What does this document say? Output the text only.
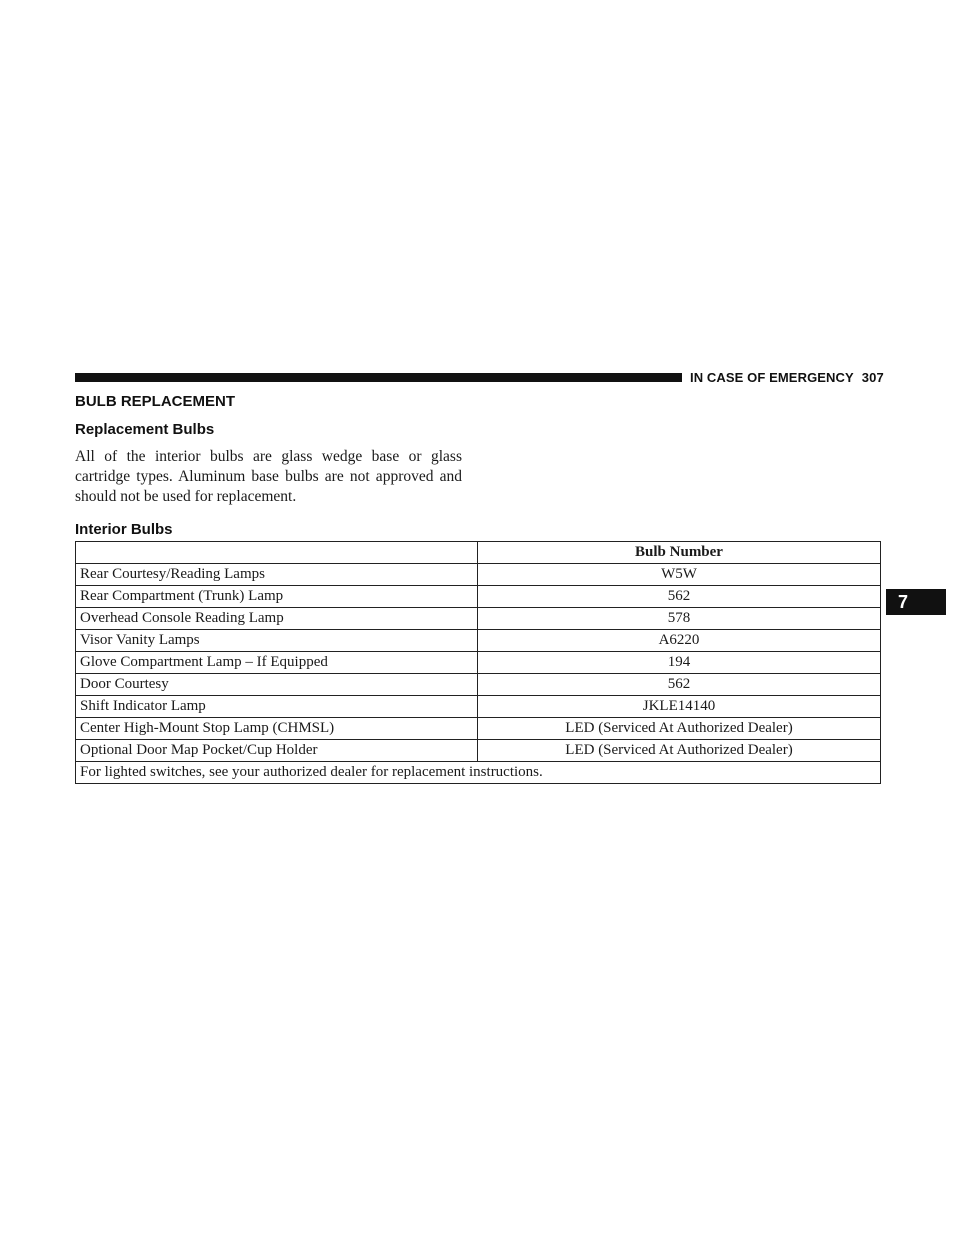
IN CASE OF EMERGENCY 307
7
BULB REPLACEMENT
Replacement Bulbs

All of the interior bulbs are glass wedge base or glass cartridge types. Aluminum base bulbs are not approved and should not be used for replacement.

Interior Bulbs
	Bulb Number
Rear Courtesy/Reading Lamps	W5W
Rear Compartment (Trunk) Lamp	562
Overhead Console Reading Lamp	578
Visor Vanity Lamps	A6220
Glove Compartment Lamp – If Equipped	194
Door Courtesy	562
Shift Indicator Lamp	JKLE14140
Center High-Mount Stop Lamp (CHMSL)	LED (Serviced At Authorized Dealer)
Optional Door Map Pocket/Cup Holder	LED (Serviced At Authorized Dealer)
For lighted switches, see your authorized dealer for replacement instructions.	
